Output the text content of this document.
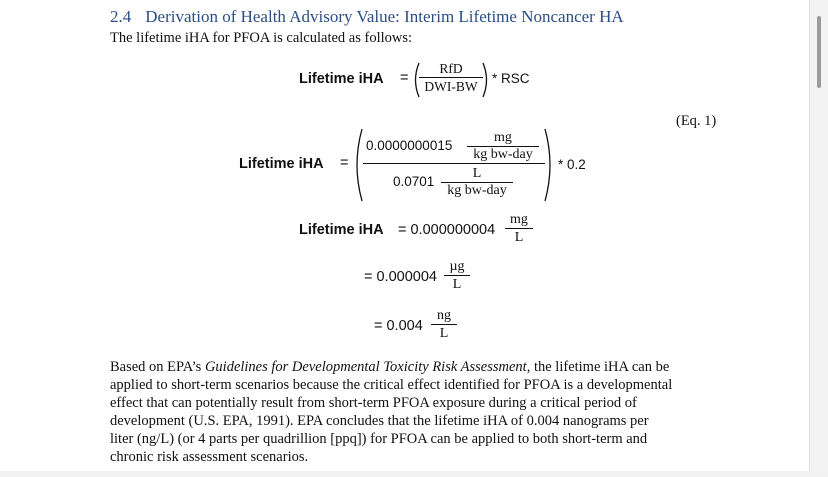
2.4 Derivation of Health Advisory Value: Interim Lifetime Noncancer HA
The lifetime iHA for PFOA is calculated as follows:
Lifetime iHA =
RfD
DWI-BW
* RSC
(Eq. 1)
Lifetime iHA =
0.0000000015
mg
kg bw-day
0.0701
L
kg bw-day
* 0.2
Lifetime iHA = $0.000000004 \frac{mg}{L}$
= 0.000004
µg
L
= $0.004 \frac{ng}{L}$

Based on EPA’s Guidelines for Developmental Toxicity Risk Assessment, the lifetime iHA can be

applied to short-term scenarios because the critical effect identified for PFOA is a developmental

effect that can potentially result from short-term PFOA exposure during a critical period of

development (U.S. EPA, 1991). EPA concludes that the lifetime iHA of 0.004 nanograms per

liter (ng/L) (or 4 parts per quadrillion [ppq]) for PFOA can be applied to both short-term and

chronic risk assessment scenarios.
